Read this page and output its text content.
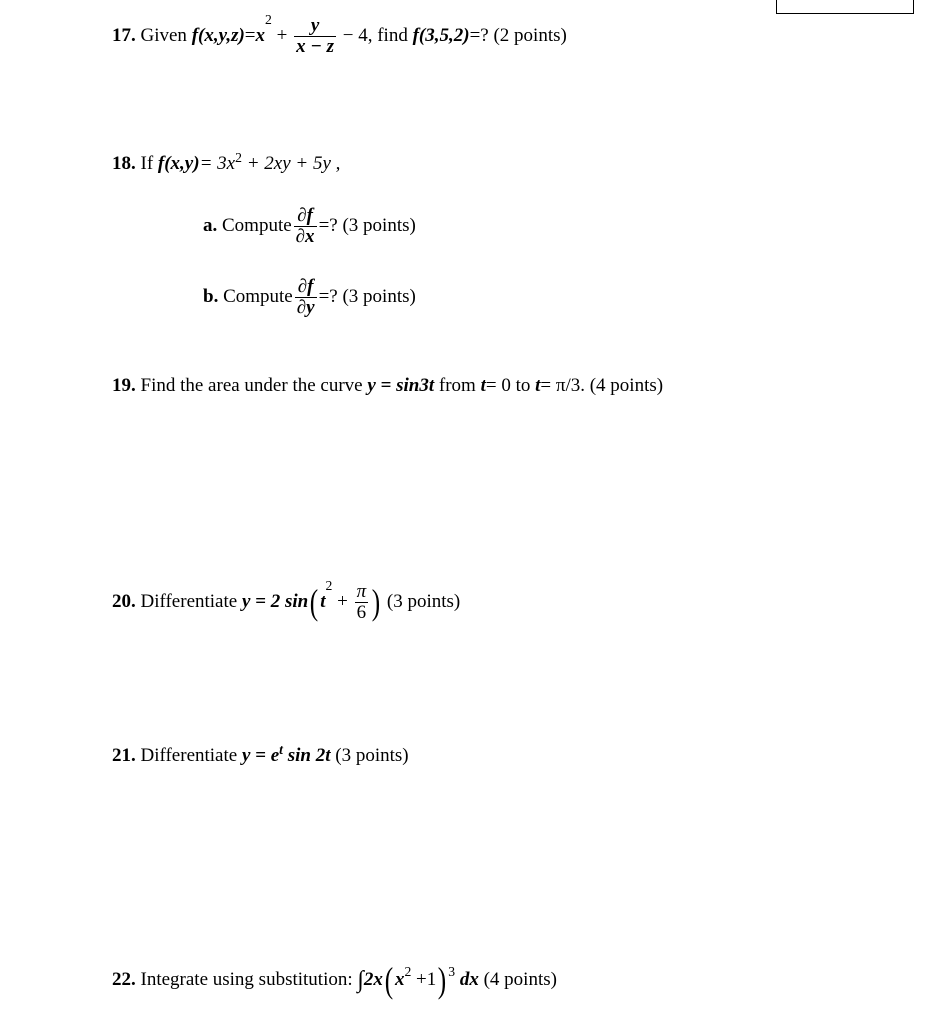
17. Given $f(x,y,z)=x^2 + \frac{y}{x - z} - 4$, find f(3,5,2)=? (2 points)
18. If $f(x,y)= 3x^2 + 2xy + 5y$ ,
a. Compute $\frac{\partial f}{\partial x}$ =? (3 points)
b. Compute $\frac{\partial f}{\partial y}$ =? (3 points)
19. Find the area under the curve y = sin3t from t= 0 to t= π/3. (4 points)
20. Differentiate y = 2 $\sin(t^2 + \frac{\pi}{6}$ ) (3 points)
21. Differentiate $y = e^t$ sin 2t (3 points)
22. Integrate using substitution: $\int 2x(x^2 +1)$ $^3$ dx (4 points)
